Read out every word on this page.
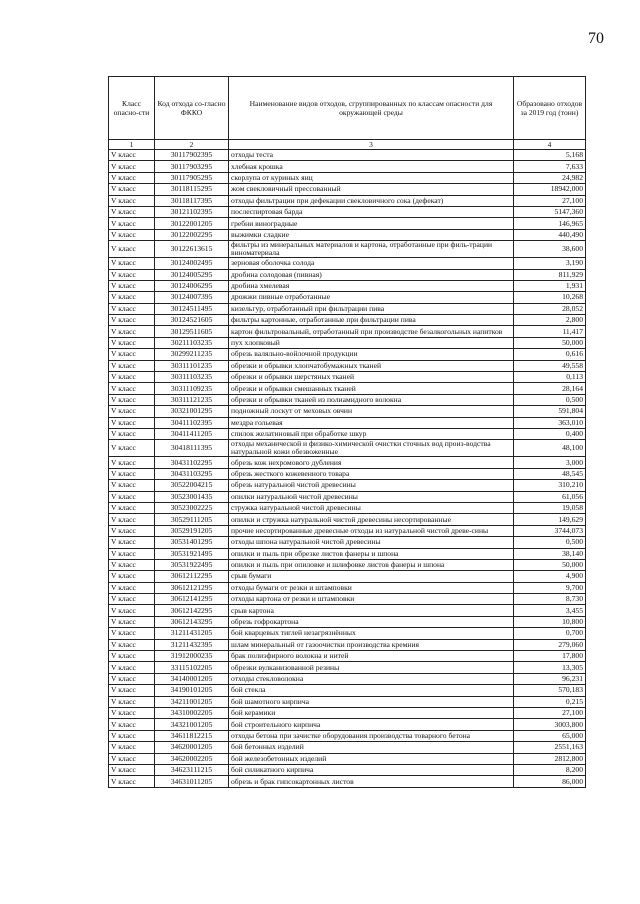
70
Класс опасно-сти	Код отхода со-гласно ФККО	Наименование видов отходов, сгруппированных по классам опасности для окружающей среды	Образовано отходов за 2019 год (тонн)
1	2	3	4
V класс	30117902395	отходы теста	5,168
V класс	30117903295	хлебная крошка	7,633
V класс	30117905295	скорлупа от куриных яиц	24,982
V класс	30118115295	жом свекловичный прессованный	18942,000
V класс	30118117395	отходы фильтрации при дефекации свекловичного сока (дефекат)	27,100
V класс	30121102395	послеспиртовая барда	5147,360
V класс	30122001205	гребни виноградные	146,965
V класс	30122002295	выжимки сладкие	440,490
V класс	30122613615	фильтры из минеральных материалов и картона, отработанные при филь-трации виноматериала	38,600
V класс	30124002495	зерновая оболочка солода	3,190
V класс	30124005295	дробина солодовая (пивная)	811,929
V класс	30124006295	дробина хмелевая	1,931
V класс	30124007395	дрожжи пивные отработанные	10,268
V класс	30124511495	кизельгур, отработанный при фильтрации пива	28,052
V класс	30124521605	фильтры картонные, отработанные при фильтрации пива	2,800
V класс	30129511605	картон фильтровальный, отработанный при производстве безалкогольных напитков	11,417
V класс	30211103235	пух хлопковый	50,000
V класс	30299211235	обрезь валяльно-войлочной продукции	0,616
V класс	30311101235	обрезки и обрывки хлопчатобумажных тканей	49,558
V класс	30311103235	обрезки и обрывки шерстяных тканей	0,113
V класс	30311109235	обрезки и обрывки смешанных тканей	28,164
V класс	30311121235	обрезки и обрывки тканей из полиамидного волокна	0,500
V класс	30321001295	подножный лоскут от меховых овчин	591,804
V класс	30411102395	мездра гольевая	363,010
V класс	30411411205	спилок желатиновый при обработке шкур	0,400
V класс	30418111395	отходы механической и физико-химической очистки сточных вод произ-водства натуральной кожи обезвоженные	48,100
V класс	30431102295	обрезь кож нехромового дубления	3,000
V класс	30431103295	обрезь жесткого кожевенного товара	48,545
V класс	30522004215	обрезь натуральной чистой древесины	310,210
V класс	30523001435	опилки натуральной чистой древесины	61,056
V класс	30523002225	стружка натуральной чистой древесины	19,058
V класс	30529111205	опилки и стружка натуральной чистой древесины несортированные	149,629
V класс	30529191205	прочие несортированные древесные отходы из натуральной чистой древе-сины	3744,073
V класс	30531401295	отходы шпона натуральной чистой древесины	0,500
V класс	30531921495	опилки и пыль при обрезке листов фанеры и шпона	38,140
V класс	30531922495	опилки и пыль при опиловке и шлифовке листов фанеры и шпона	50,000
V класс	30612112295	срыв бумаги	4,900
V класс	30612121295	отходы бумаги от резки и штамповки	9,700
V класс	30612141295	отходы картона от резки и штамповки	8,730
V класс	30612142295	срыв картона	3,455
V класс	30612143295	обрезь гофрокартона	10,800
V класс	31211431205	бой кварцевых тиглей незагрязнённых	0,700
V класс	31211432395	шлам минеральный от газоочистки производства кремния	279,060
V класс	31912000235	брак полиэфирного волокна и нитей	17,800
V класс	33115102205	обрезки вулканизованной резины	13,305
V класс	34140001205	отходы стекловолокна	96,231
V класс	34190101205	бой стекла	570,183
V класс	34211001205	бой шамотного кирпича	0,215
V класс	34310002205	бой керамики	27,100
V класс	34321001205	бой строительного кирпича	3003,800
V класс	34611812215	отходы бетона при зачистке оборудования производства товарного бетона	65,000
V класс	34620001205	бой бетонных изделий	2551,163
V класс	34620002205	бой железобетонных изделий	2812,800
V класс	34623111215	бой силикатного кирпича	8,200
V класс	34631011205	обрезь и брак гипсокартонных листов	86,000
